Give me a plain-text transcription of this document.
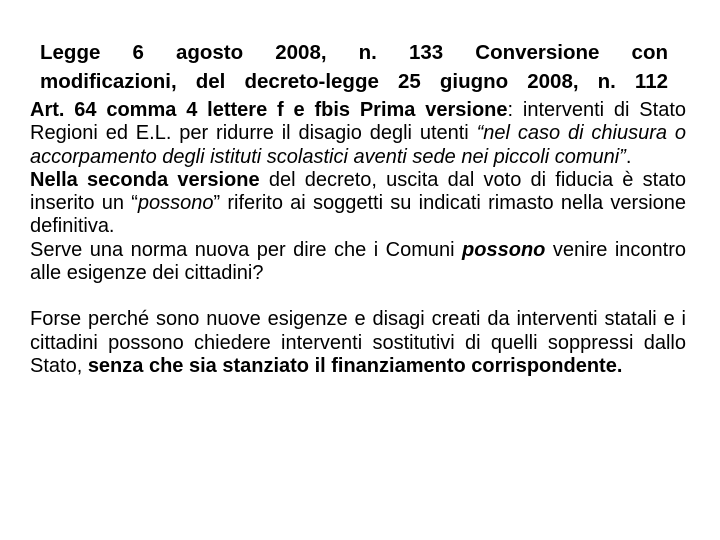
Legge 6 agosto 2008, n. 133 Conversione con
modificazioni, del decreto-legge 25 giugno 2008, n. 112

Art. 64 comma 4 lettere f e fbis Prima versione: interventi di Stato Regioni ed E.L. per ridurre il disagio degli utenti “nel caso di chiusura o accorpamento degli istituti scolastici aventi sede nei piccoli comuni”.

Nella seconda versione del decreto, uscita dal voto di fiducia è stato inserito un “possono” riferito ai soggetti su indicati rimasto nella versione definitiva.

Serve una norma nuova per dire che i Comuni possono venire incontro alle esigenze dei cittadini?

Forse perché sono nuove esigenze e disagi creati da interventi statali e i cittadini possono chiedere interventi sostitutivi di quelli soppressi dallo Stato, senza che sia stanziato il finanziamento corrispondente.
